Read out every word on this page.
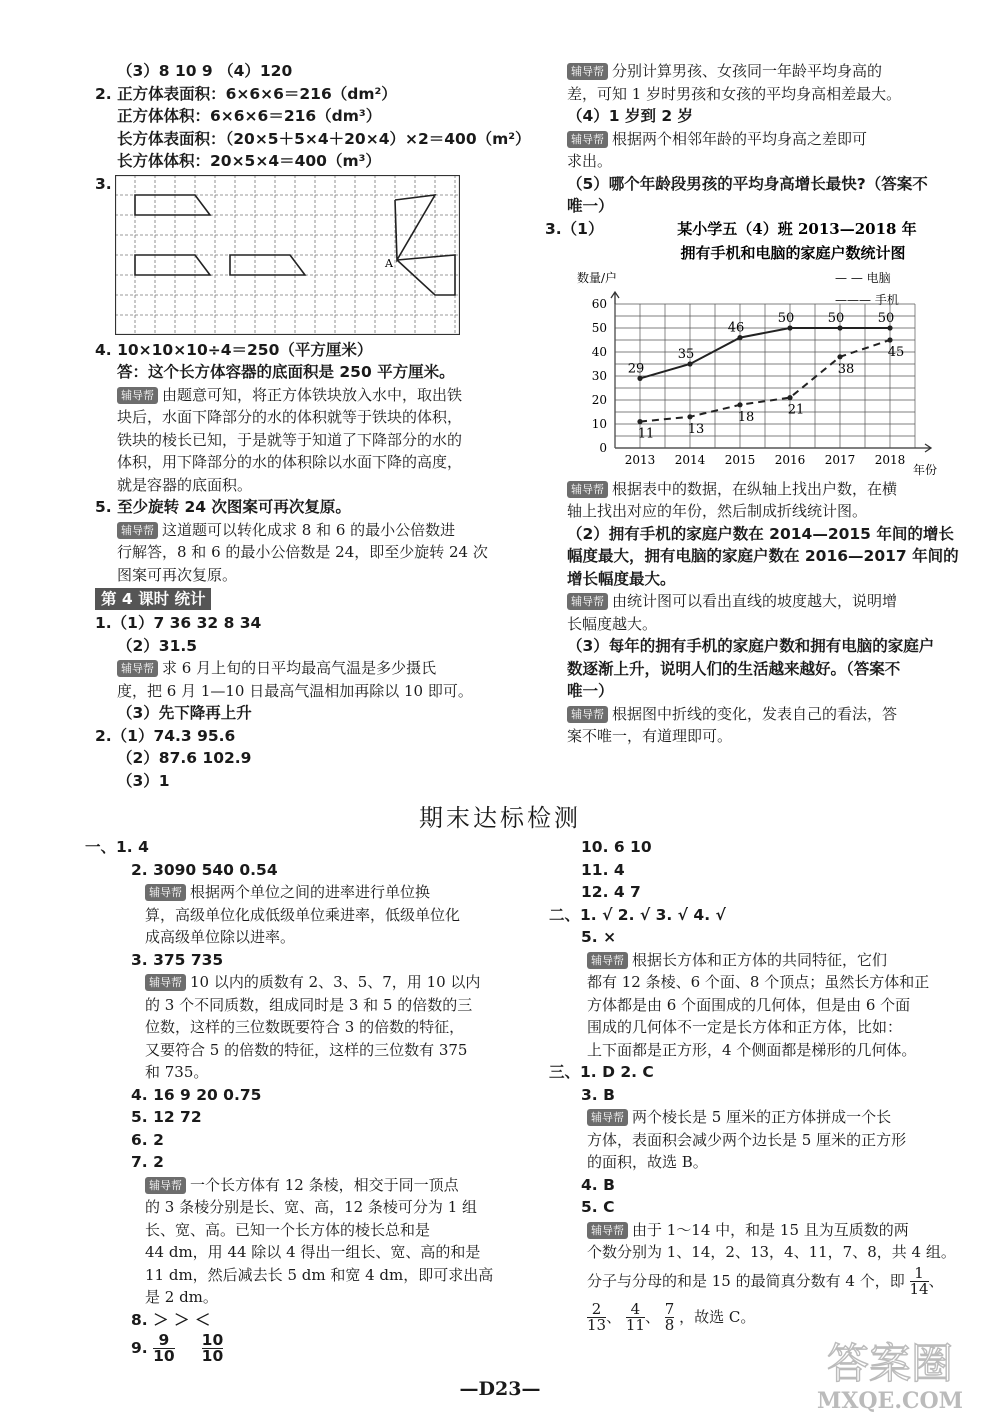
（3）8 10 9 （4）120

2. 正方体表面积：6×6×6＝216（dm²）

正方体体积：6×6×6＝216（dm³）

长方体表面积：（20×5＋5×4＋20×4）×2＝400（m²）

长方体体积：20×5×4＝400（m³）

3.

A

4. 10×10×10÷4＝250（平方厘米）

答：这个长方体容器的底面积是 250 平方厘米。

辅导帮 由题意可知，将正方体铁块放入水中，取出铁
块后，水面下降部分的水的体积就等于铁块的体积，
铁块的棱长已知，于是就等于知道了下降部分的水的
体积，用下降部分的水的体积除以水面下降的高度，
就是容器的底面积。

5. 至少旋转 24 次图案可再次复原。

辅导帮 这道题可以转化成求 8 和 6 的最小公倍数进
行解答，8 和 6 的最小公倍数是 24，即至少旋转 24 次
图案可再次复原。

第 4 课时 统计

1.（1）7 36 32 8 34

（2）31.5

辅导帮 求 6 月上旬的日平均最高气温是多少摄氏
度，把 6 月 1—10 日最高气温相加再除以 10 即可。

（3）先下降再上升

2.（1）74.3 95.6

（2）87.6 102.9

（3）1

辅导帮 分别计算男孩、女孩同一年龄平均身高的
差，可知 1 岁时男孩和女孩的平均身高相差最大。

（4）1 岁到 2 岁

辅导帮 根据两个相邻年龄的平均身高之差即可
求出。

（5）哪个年龄段男孩的平均身高增长最快?（答案不

唯一）

3.（1）	某小学五（4）班 2013—2018 年
拥有手机和电脑的家庭户数统计图
数量/户	— — 电脑
——— 手机
年份
0
10
20
30
40
50
60
2013 2014 2015 2016 2017 2018
29
35
46
50	50	50
11	13
18	21
38
45

辅导帮 根据表中的数据，在纵轴上找出户数，在横
轴上找出对应的年份，然后制成折线统计图。

（2）拥有手机的家庭户数在 2014—2015 年间的增长

幅度最大，拥有电脑的家庭户数在 2016—2017 年间的

增长幅度最大。

辅导帮 由统计图可以看出直线的坡度越大，说明增
长幅度越大。

（3）每年的拥有手机的家庭户数和拥有电脑的家庭户

数逐渐上升，说明人们的生活越来越好。（答案不

唯一）

辅导帮 根据图中折线的变化，发表自己的看法，答
案不唯一，有道理即可。

期末达标检测

一、1. 4

2. 3090 540 0.54

辅导帮 根据两个单位之间的进率进行单位换
算，高级单位化成低级单位乘进率，低级单位化
成高级单位除以进率。

3. 375 735

辅导帮 10 以内的质数有 2、3、5、7，用 10 以内
的 3 个不同质数，组成同时是 3 和 5 的倍数的三
位数，这样的三位数既要符合 3 的倍数的特征，
又要符合 5 的倍数的特征，这样的三位数有 375
和 735。

4. 16 9 20 0.75

5. 12 72

6. 2

7. 2

辅导帮 一个长方体有 12 条棱，相交于同一顶点
的 3 条棱分别是长、宽、高，12 条棱可分为 1 组
长、宽、高。已知一个长方体的棱长总和是
44 dm，用 44 除以 4 得出一组长、宽、高的和是
11 dm，然后减去长 5 dm 和宽 4 dm，即可求出高
是 2 dm。

8. ＞ ＞ ＜

9. $\frac{9}{10}$
$\frac{10}{10}$

10. 6 10

11. 4

12. 4 7

二、1. √ 2. √ 3. √ 4. √

5. ×

辅导帮 根据长方体和正方体的共同特征，它们
都有 12 条棱、6 个面、8 个顶点；虽然长方体和正
方体都是由 6 个面围成的几何体，但是由 6 个面
围成的几何体不一定是长方体和正方体，比如：
上下面都是正方形，4 个侧面都是梯形的几何体。

三、1. D 2. C

3. B

辅导帮 两个棱长是 5 厘米的正方体拼成一个长
方体，表面积会减少两个边长是 5 厘米的正方形
的面积，故选 B。

4. B

5. C

辅导帮 由于 1～14 中，和是 15 且为互质数的两
个数分别为 1、14，2、13，4、11，7、8，共 4 组。

分子与分母的和是 15 的最简真分数有 4 个，即 $\frac{1}{14}$ 、
$\frac{2}{13}$ 、 $\frac{4}{11}$ 、 $\frac{7}{8}$ ，故选 C。
—D23—
答案圈
MXQE.COM
